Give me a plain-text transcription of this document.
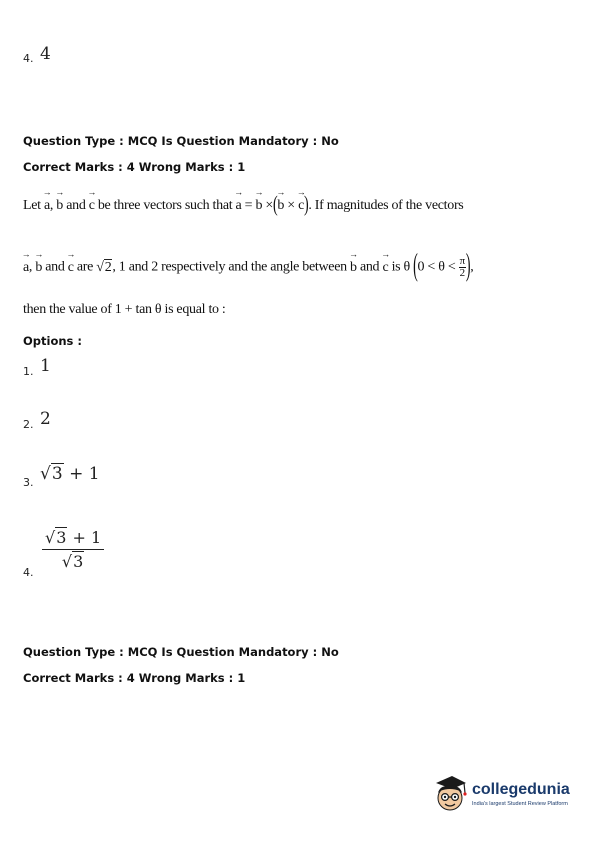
4. 4
Question Type : MCQ Is Question Mandatory : No
Correct Marks : 4 Wrong Marks : 1
Let → a, → b and → c be three vectors such that → a = → b ×(→ b × → c). If magnitudes of the vectors
→ a, → b and → c are √2, 1 and 2 respectively and the angle between → b and → c is θ ($0 < \theta < \frac{\pi}{2}$ ),
then the value of 1 + tan θ is equal to :
Options :
1. 1
2. 2
3. √3 + 1
4.
$\frac{√3 + 1}{√3}$
Question Type : MCQ Is Question Mandatory : No
Correct Marks : 4 Wrong Marks : 1
collegedunia
India's largest Student Review Platform
